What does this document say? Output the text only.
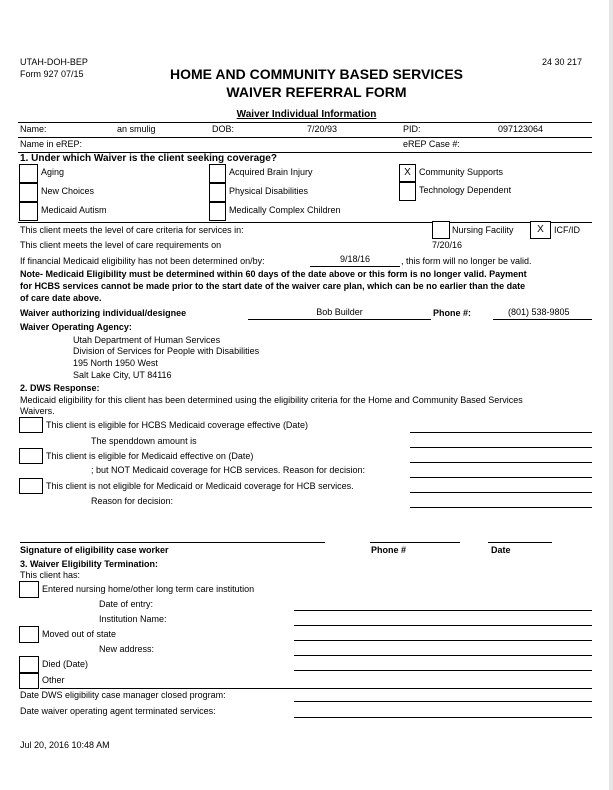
UTAH-DOH-BEP
Form 927 07/15
24 30 217
HOME AND COMMUNITY BASED SERVICES
WAIVER REFERRAL FORM
Waiver Individual Information
Name:	an smulig	DOB:	7/20/93	PID:	097123064
Name in eREP:	eREP Case #:
1. Under which Waiver is the client seeking coverage?
Aging
New Choices
Medicaid Autism
Acquired Brain Injury
Physical Disabilities
Medically Complex Children
X Community Supports
Technology Dependent
This client meets the level of care criteria for services in:	Nursing Facility	X	ICF/ID
This client meets the level of care requirements on	7/20/16
If financial Medicaid eligibility has not been determined on/by:	9/18/16	, this form will no longer be valid.
Note- Medicaid Eligibility must be determined within 60 days of the date above or this form is no longer valid. Payment
for HCBS services cannot be made prior to the start date of the waiver care plan, which can be no earlier than the date
of care date above.
Waiver authorizing individual/designee	Bob Builder	Phone #:	(801) 538-9805
Waiver Operating Agency:
Utah Department of Human Services
Division of Services for People with Disabilities
195 North 1950 West
Salt Lake City, UT 84116
2. DWS Response:
Medicaid eligibility for this client has been determined using the eligibility criteria for the Home and Community Based Services
Waivers.
This client is eligible for HCBS Medicaid coverage effective (Date)
The spenddown amount is
This client is eligible for Medicaid effective on (Date)
; but NOT Medicaid coverage for HCB services. Reason for decision:
This client is not eligible for Medicaid or Medicaid coverage for HCB services.
Reason for decision:
Signature of eligibility case worker	Phone #	Date
3. Waiver Eligibility Termination:
This client has:
Entered nursing home/other long term care institution
Date of entry:
Institution Name:
Moved out of state
New address:
Died (Date)
Other
Date DWS eligibility case manager closed program:
Date waiver operating agent terminated services:
Jul 20, 2016 10:48 AM
